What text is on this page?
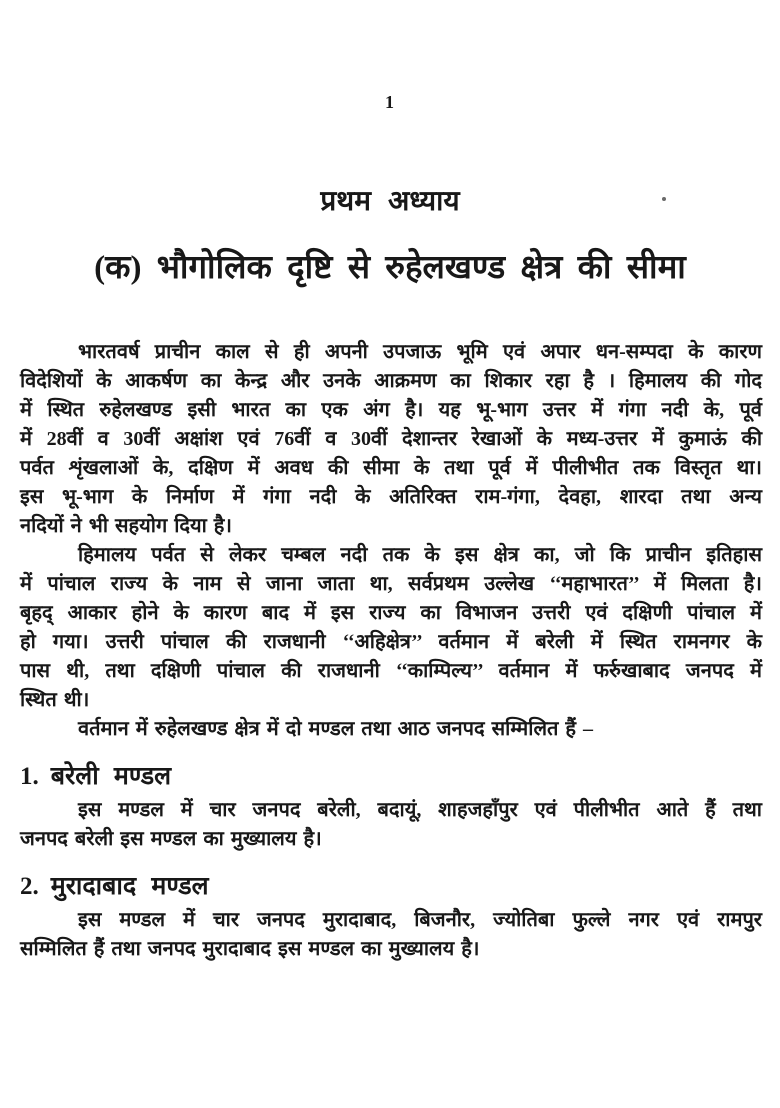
1
प्रथम अध्याय
(क) भौगोलिक दृष्टि से रुहेलखण्ड क्षेत्र की सीमा
भारतवर्ष प्राचीन काल से ही अपनी उपजाऊ भूमि एवं अपार धन-सम्पदा के कारण
विदेशियों के आकर्षण का केन्द्र और उनके आक्रमण का शिकार रहा है । हिमालय की गोद
में स्थित रुहेलखण्ड इसी भारत का एक अंग है। यह भू-भाग उत्तर में गंगा नदी के, पूर्व
में 28वीं व 30वीं अक्षांश एवं 76वीं व 30वीं देशान्तर रेखाओं के मध्य-उत्तर में कुमाऊं की
पर्वत शृंखलाओं के, दक्षिण में अवध की सीमा के तथा पूर्व में पीलीभीत तक विस्तृत था।
इस भू-भाग के निर्माण में गंगा नदी के अतिरिक्त राम-गंगा, देवहा, शारदा तथा अन्य
नदियों ने भी सहयोग दिया है।
हिमालय पर्वत से लेकर चम्बल नदी तक के इस क्षेत्र का, जो कि प्राचीन इतिहास
में पांचाल राज्य के नाम से जाना जाता था, सर्वप्रथम उल्लेख ‘‘महाभारत’’ में मिलता है।
बृहद् आकार होने के कारण बाद में इस राज्य का विभाजन उत्तरी एवं दक्षिणी पांचाल में
हो गया। उत्तरी पांचाल की राजधानी ‘‘अहिक्षेत्र’’ वर्तमान में बरेली में स्थित रामनगर के
पास थी, तथा दक्षिणी पांचाल की राजधानी ‘‘काम्पिल्य’’ वर्तमान में फर्रुखाबाद जनपद में
स्थित थी।
वर्तमान में रुहेलखण्ड क्षेत्र में दो मण्डल तथा आठ जनपद सम्मिलित हैं –
1. बरेली मण्डल
इस मण्डल में चार जनपद बरेली, बदायूं, शाहजहाँपुर एवं पीलीभीत आते हैं तथा
जनपद बरेली इस मण्डल का मुख्यालय है।
2. मुरादाबाद मण्डल
इस मण्डल में चार जनपद मुरादाबाद, बिजनौर, ज्योतिबा फुल्ले नगर एवं रामपुर
सम्मिलित हैं तथा जनपद मुरादाबाद इस मण्डल का मुख्यालय है।
